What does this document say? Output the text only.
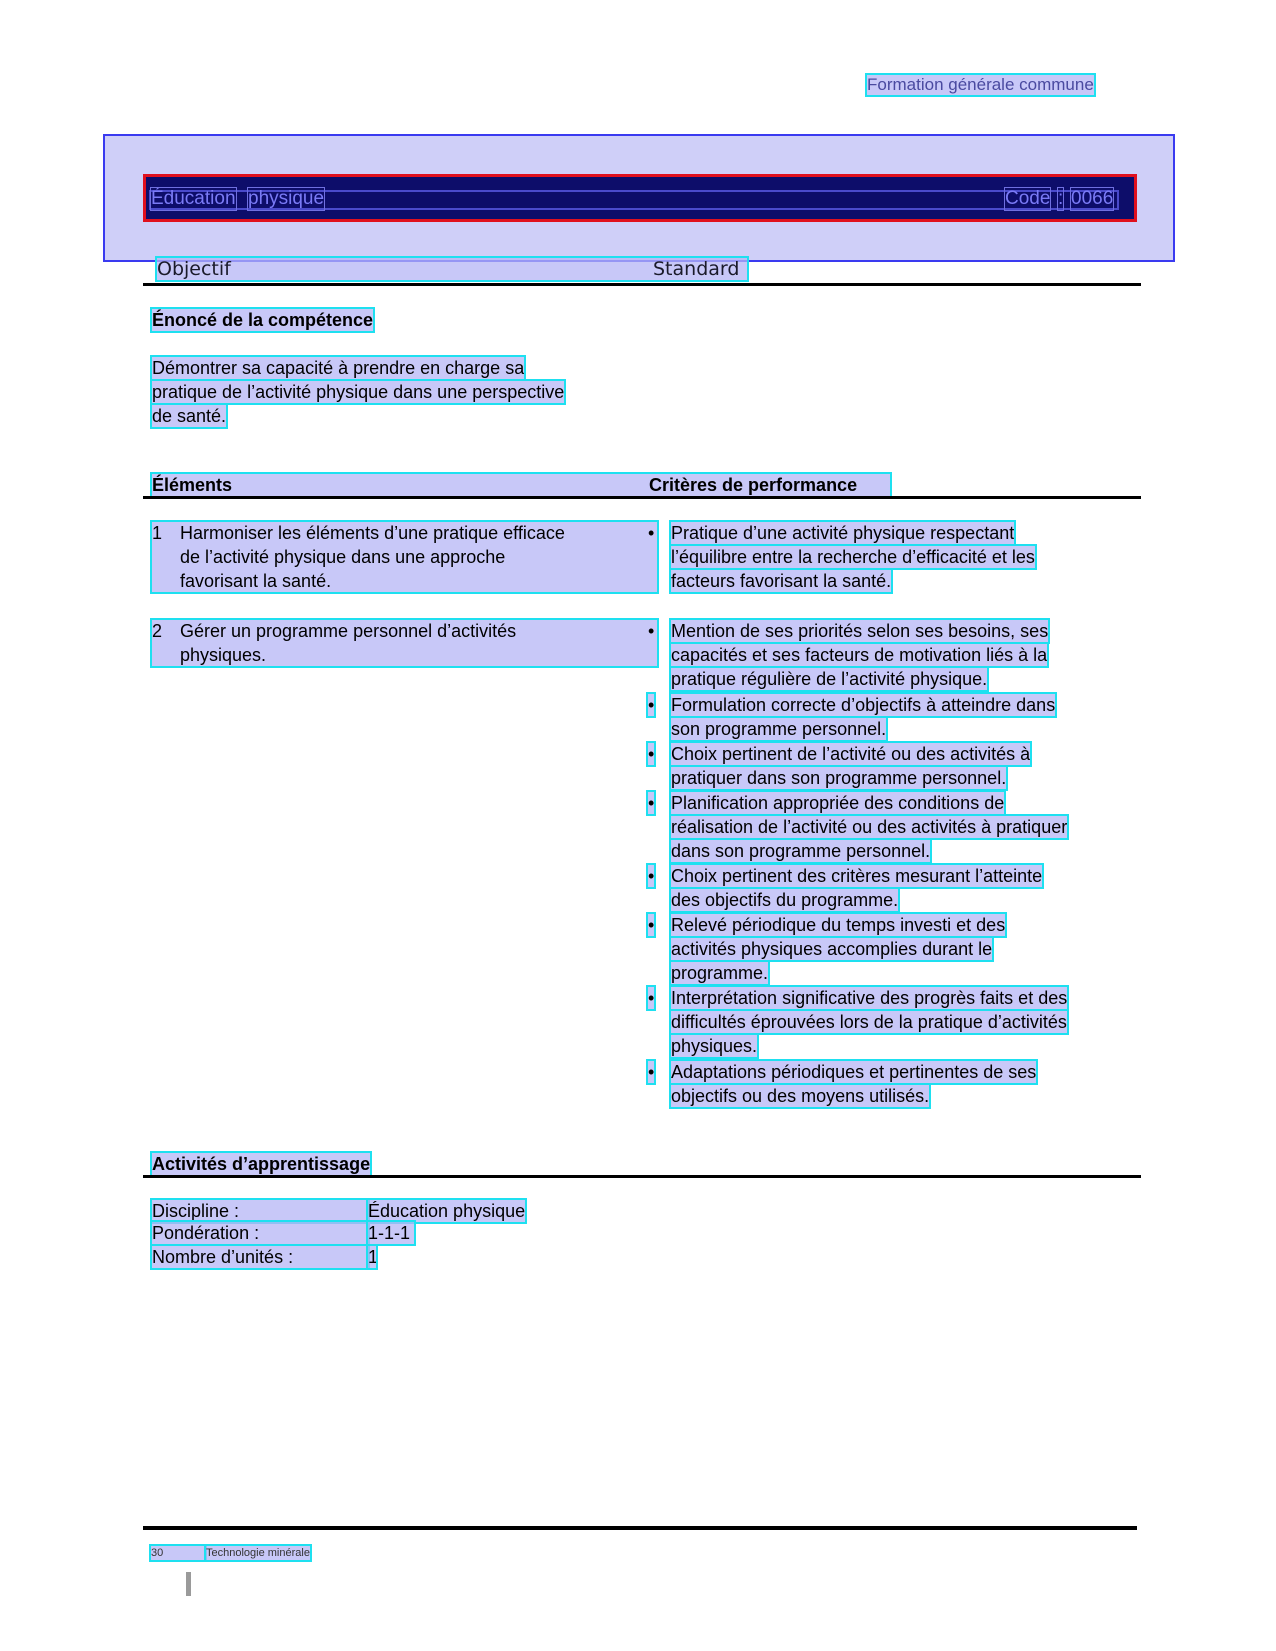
Formation générale commune
Éducation physique	Code : 0066
Objectif	Standard
Énoncé de la compétence
Démontrer sa capacité à prendre en charge sa
pratique de l’activité physique dans une perspective
de santé.
Éléments	Critères de performance
1 Harmoniser les éléments d’une pratique efficace
de l’activité physique dans une approche
favorisant la santé.
• Pratique d’une activité physique respectant
l’équilibre entre la recherche d’efficacité et les
facteurs favorisant la santé.
2 Gérer un programme personnel d’activités
physiques.
• Mention de ses priorités selon ses besoins, ses
capacités et ses facteurs de motivation liés à la
pratique régulière de l’activité physique.
• Formulation correcte d’objectifs à atteindre dans
son programme personnel.
• Choix pertinent de l’activité ou des activités à
pratiquer dans son programme personnel.
• Planification appropriée des conditions de
réalisation de l’activité ou des activités à pratiquer
dans son programme personnel.
• Choix pertinent des critères mesurant l’atteinte
des objectifs du programme.
• Relevé périodique du temps investi et des
activités physiques accomplies durant le
programme.
• Interprétation significative des progrès faits et des
difficultés éprouvées lors de la pratique d’activités
physiques.
• Adaptations périodiques et pertinentes de ses
objectifs ou des moyens utilisés.
Activités d’apprentissage
Discipline :	Éducation physique
Pondération :	1-1-1
Nombre d’unités :	1
30	Technologie minérale
